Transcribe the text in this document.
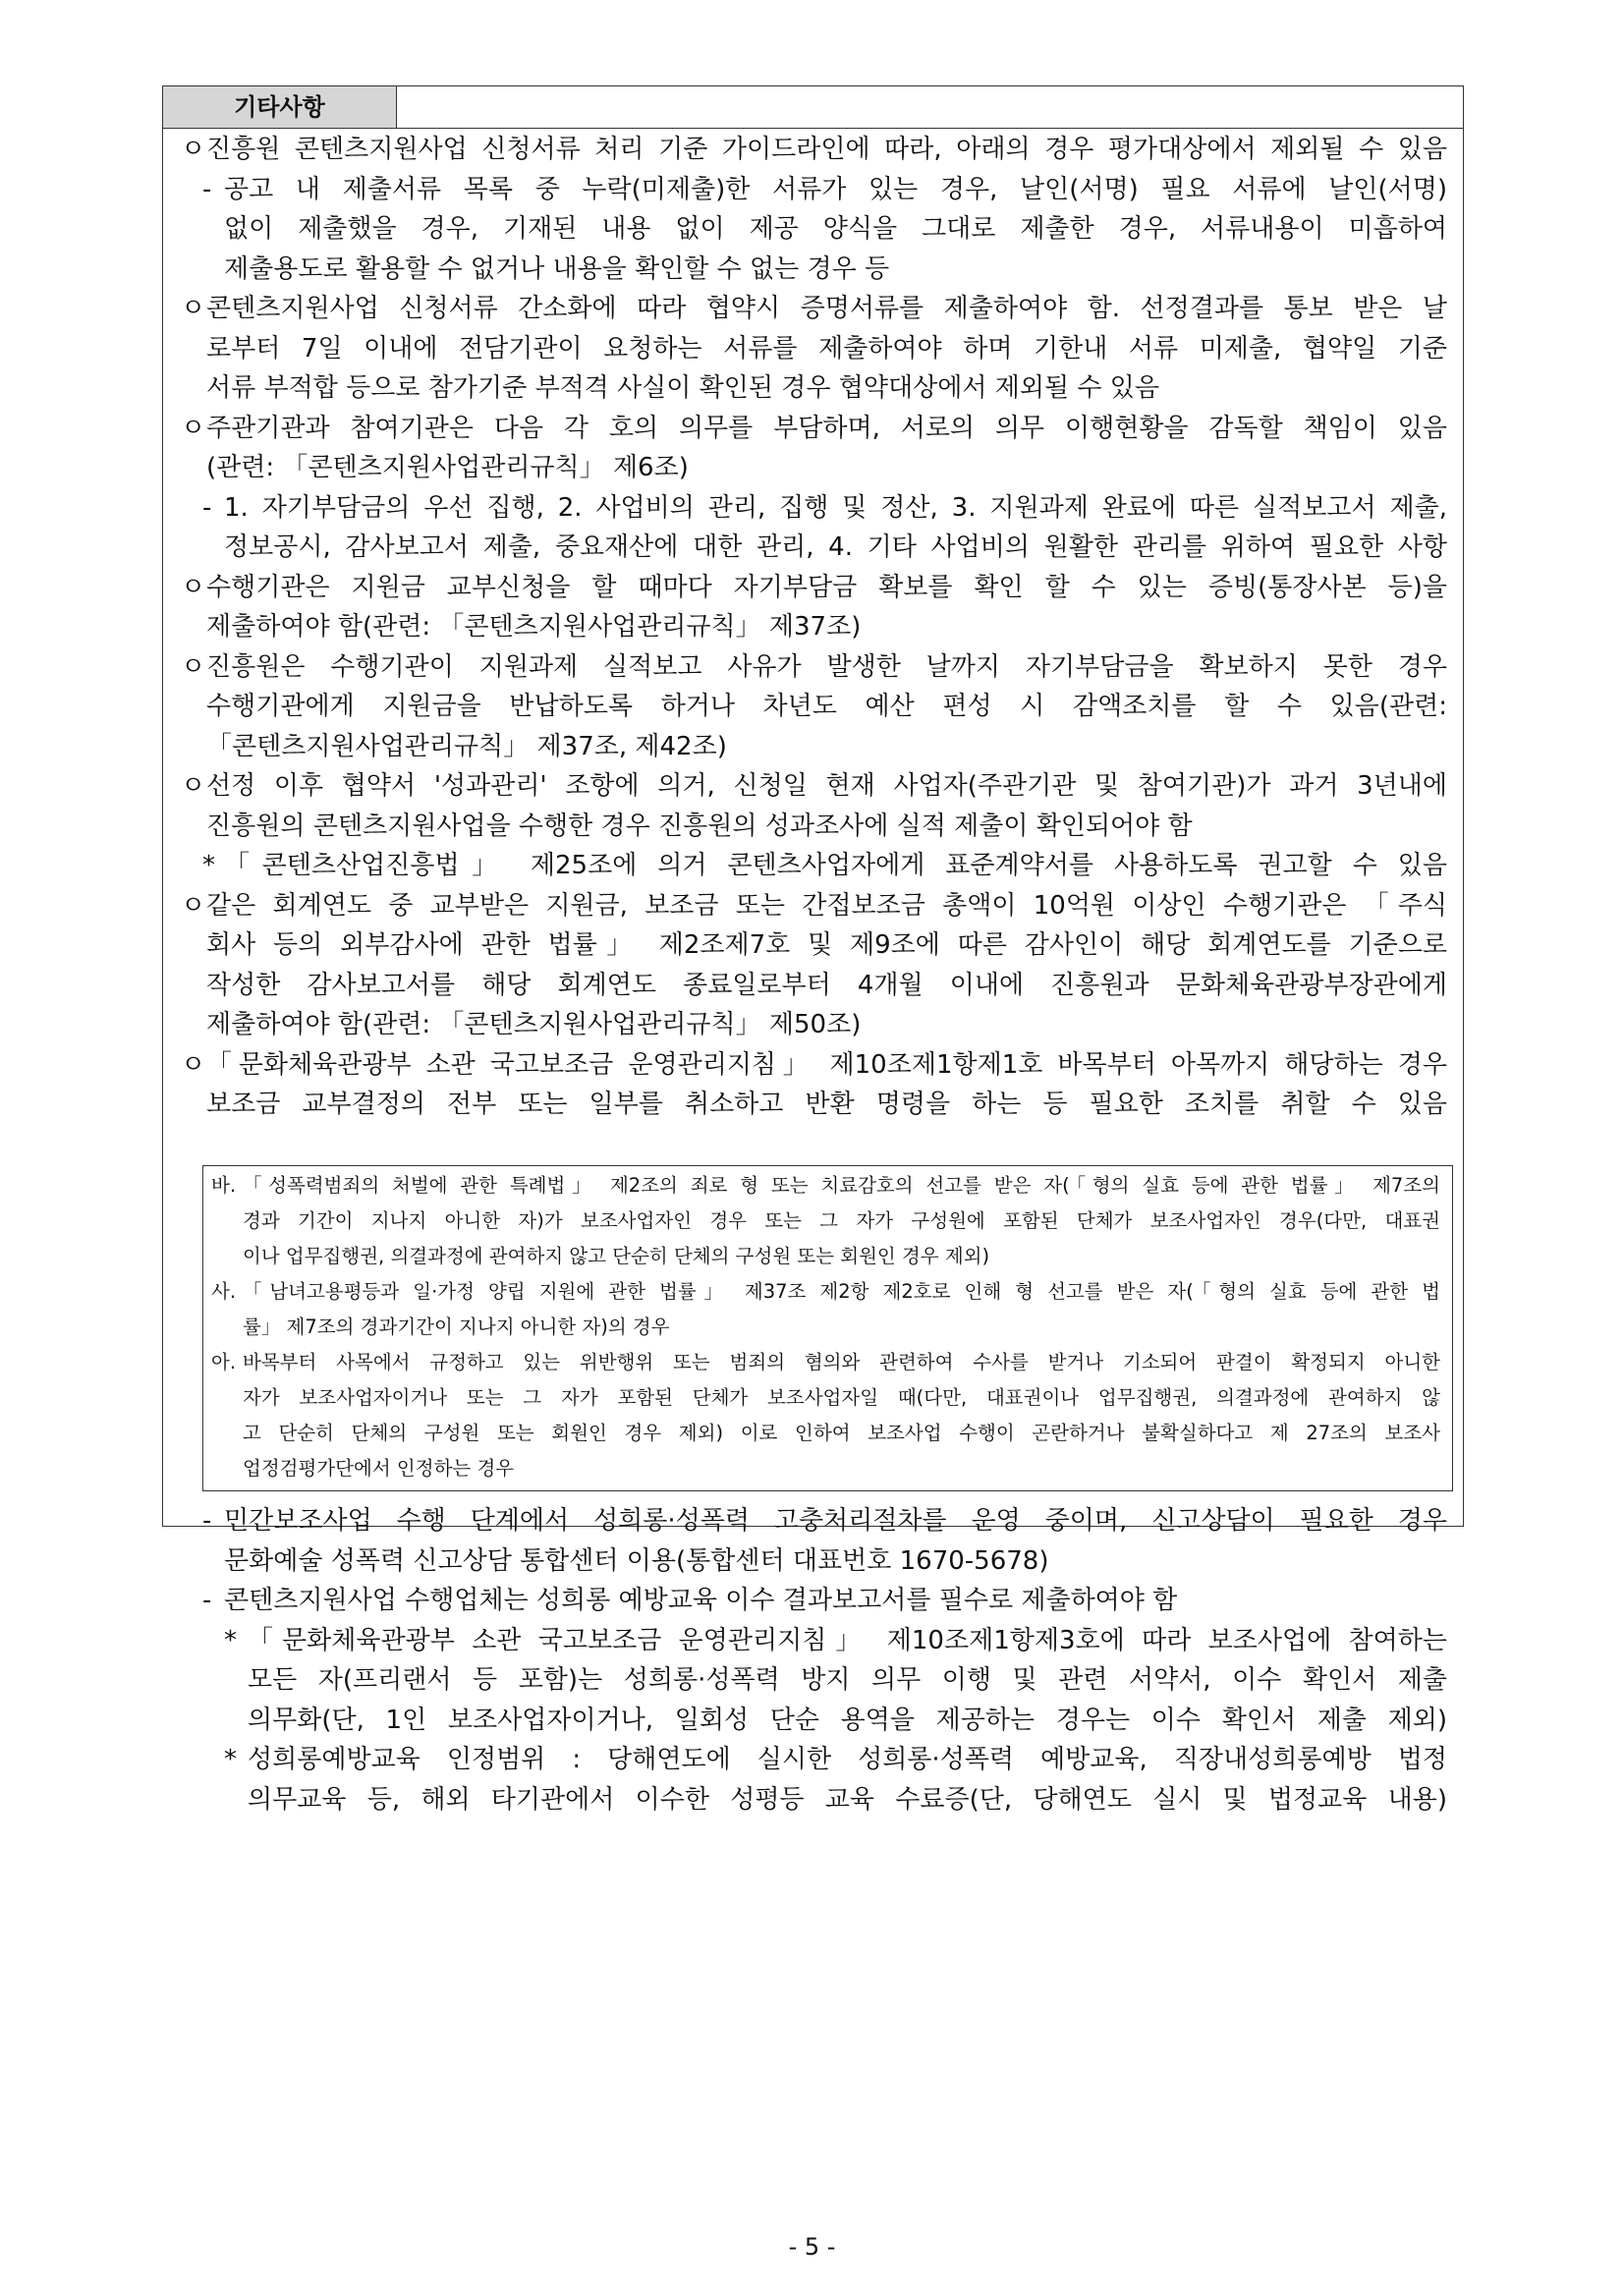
기타사항
바. 「성폭력범죄의 처벌에 관한 특례법」 제2조의 죄로 형 또는 치료감호의 선고를 받은 자(「형의 실효 등에 관한 법률」 제7조의
경과 기간이 지나지 아니한 자)가 보조사업자인 경우 또는 그 자가 구성원에 포함된 단체가 보조사업자인 경우(다만, 대표권
이나 업무집행권, 의결과정에 관여하지 않고 단순히 단체의 구성원 또는 회원인 경우 제외)
사. 「남녀고용평등과 일·가정 양립 지원에 관한 법률」 제37조 제2항 제2호로 인해 형 선고를 받은 자(「형의 실효 등에 관한 법
률」 제7조의 경과기간이 지나지 아니한 자)의 경우
아. 바목부터 사목에서 규정하고 있는 위반행위 또는 범죄의 혐의와 관련하여 수사를 받거나 기소되어 판결이 확정되지 아니한
자가 보조사업자이거나 또는 그 자가 포함된 단체가 보조사업자일 때(다만, 대표권이나 업무집행권, 의결과정에 관여하지 않
고 단순히 단체의 구성원 또는 회원인 경우 제외) 이로 인하여 보조사업 수행이 곤란하거나 불확실하다고 제 27조의 보조사
업정검평가단에서 인정하는 경우
ㅇ 진흥원 콘텐츠지원사업 신청서류 처리 기준 가이드라인에 따라, 아래의 경우 평가대상에서 제외될 수 있음
- 공고 내 제출서류 목록 중 누락(미제출)한 서류가 있는 경우, 날인(서명) 필요 서류에 날인(서명)
없이 제출했을 경우, 기재된 내용 없이 제공 양식을 그대로 제출한 경우, 서류내용이 미흡하여
제출용도로 활용할 수 없거나 내용을 확인할 수 없는 경우 등
ㅇ 콘텐츠지원사업 신청서류 간소화에 따라 협약시 증명서류를 제출하여야 함. 선정결과를 통보 받은 날
로부터 7일 이내에 전담기관이 요청하는 서류를 제출하여야 하며 기한내 서류 미제출, 협약일 기준
서류 부적합 등으로 참가기준 부적격 사실이 확인된 경우 협약대상에서 제외될 수 있음
ㅇ 주관기관과 참여기관은 다음 각 호의 의무를 부담하며, 서로의 의무 이행현황을 감독할 책임이 있음
(관련: 「콘텐츠지원사업관리규칙」 제6조)
- 1. 자기부담금의 우선 집행, 2. 사업비의 관리, 집행 및 정산, 3. 지원과제 완료에 따른 실적보고서 제출,
정보공시, 감사보고서 제출, 중요재산에 대한 관리, 4. 기타 사업비의 원활한 관리를 위하여 필요한 사항
ㅇ 수행기관은 지원금 교부신청을 할 때마다 자기부담금 확보를 확인 할 수 있는 증빙(통장사본 등)을
제출하여야 함(관련: 「콘텐츠지원사업관리규칙」 제37조)
ㅇ 진흥원은 수행기관이 지원과제 실적보고 사유가 발생한 날까지 자기부담금을 확보하지 못한 경우
수행기관에게 지원금을 반납하도록 하거나 차년도 예산 편성 시 감액조치를 할 수 있음(관련:
「콘텐츠지원사업관리규칙」 제37조, 제42조)
ㅇ 선정 이후 협약서 '성과관리' 조항에 의거, 신청일 현재 사업자(주관기관 및 참여기관)가 과거 3년내에
진흥원의 콘텐츠지원사업을 수행한 경우 진흥원의 성과조사에 실적 제출이 확인되어야 함
* 「콘텐츠산업진흥법」 제25조에 의거 콘텐츠사업자에게 표준계약서를 사용하도록 권고할 수 있음
ㅇ 같은 회계연도 중 교부받은 지원금, 보조금 또는 간접보조금 총액이 10억원 이상인 수행기관은 「주식
회사 등의 외부감사에 관한 법률」 제2조제7호 및 제9조에 따른 감사인이 해당 회계연도를 기준으로
작성한 감사보고서를 해당 회계연도 종료일로부터 4개월 이내에 진흥원과 문화체육관광부장관에게
제출하여야 함(관련: 「콘텐츠지원사업관리규칙」 제50조)
ㅇ 「문화체육관광부 소관 국고보조금 운영관리지침」 제10조제1항제1호 바목부터 아목까지 해당하는 경우
보조금 교부결정의 전부 또는 일부를 취소하고 반환 명령을 하는 등 필요한 조치를 취할 수 있음
- 민간보조사업 수행 단계에서 성희롱·성폭력 고충처리절차를 운영 중이며, 신고상담이 필요한 경우
문화예술 성폭력 신고상담 통합센터 이용(통합센터 대표번호 1670-5678)
- 콘텐츠지원사업 수행업체는 성희롱 예방교육 이수 결과보고서를 필수로 제출하여야 함
* 「문화체육관광부 소관 국고보조금 운영관리지침」 제10조제1항제3호에 따라 보조사업에 참여하는
모든 자(프리랜서 등 포함)는 성희롱·성폭력 방지 의무 이행 및 관련 서약서, 이수 확인서 제출
의무화(단, 1인 보조사업자이거나, 일회성 단순 용역을 제공하는 경우는 이수 확인서 제출 제외)
* 성희롱예방교육 인정범위 : 당해연도에 실시한 성희롱·성폭력 예방교육, 직장내성희롱예방 법정
의무교육 등, 해외 타기관에서 이수한 성평등 교육 수료증(단, 당해연도 실시 및 법정교육 내용)
- 5 -
